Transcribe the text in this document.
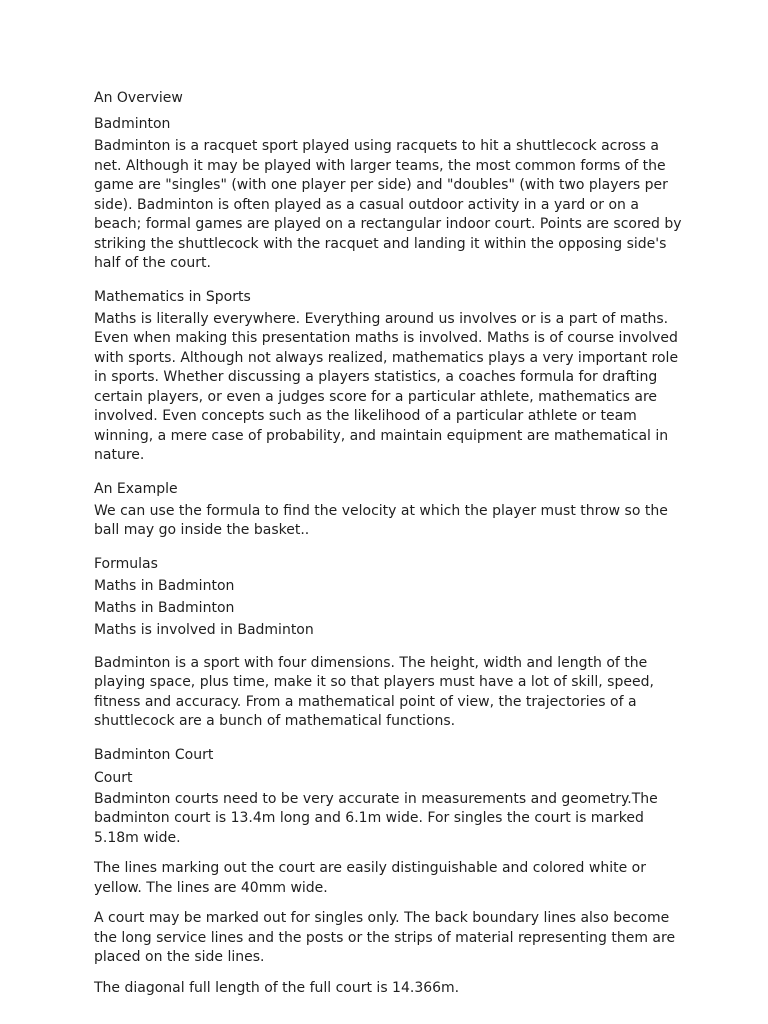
An Overview
Badminton

Badminton is a racquet sport played using racquets to hit a shuttlecock across a net. Although it may be played with larger teams, the most common forms of the game are "singles" (with one player per side) and "doubles" (with two players per side). Badminton is often played as a casual outdoor activity in a yard or on a beach; formal games are played on a rectangular indoor court. Points are scored by striking the shuttlecock with the racquet and landing it within the opposing side's half of the court.

Mathematics in Sports

Maths is literally everywhere. Everything around us involves or is a part of maths. Even when making this presentation maths is involved. Maths is of course involved with sports. Although not always realized, mathematics plays a very important role in sports. Whether discussing a players statistics, a coaches formula for drafting certain players, or even a judges score for a particular athlete, mathematics are involved. Even concepts such as the likelihood of a particular athlete or team winning, a mere case of probability, and maintain equipment are mathematical in nature.

An Example

We can use the formula to find the velocity at which the player must throw so the ball may go inside the basket..

Formulas
Maths in Badminton
Maths in Badminton
Maths is involved in Badminton

Badminton is a sport with four dimensions. The height, width and length of the playing space, plus time, make it so that players must have a lot of skill, speed, fitness and accuracy. From a mathematical point of view, the trajectories of a shuttlecock are a bunch of mathematical functions.

Badminton Court
Court

Badminton courts need to be very accurate in measurements and geometry.The badminton court is 13.4m long and 6.1m wide. For singles the court is marked 5.18m wide.

The lines marking out the court are easily distinguishable and colored white or yellow. The lines are 40mm wide.

A court may be marked out for singles only. The back boundary lines also become the long service lines and the posts or the strips of material representing them are placed on the side lines.

The diagonal full length of the full court is 14.366m.
